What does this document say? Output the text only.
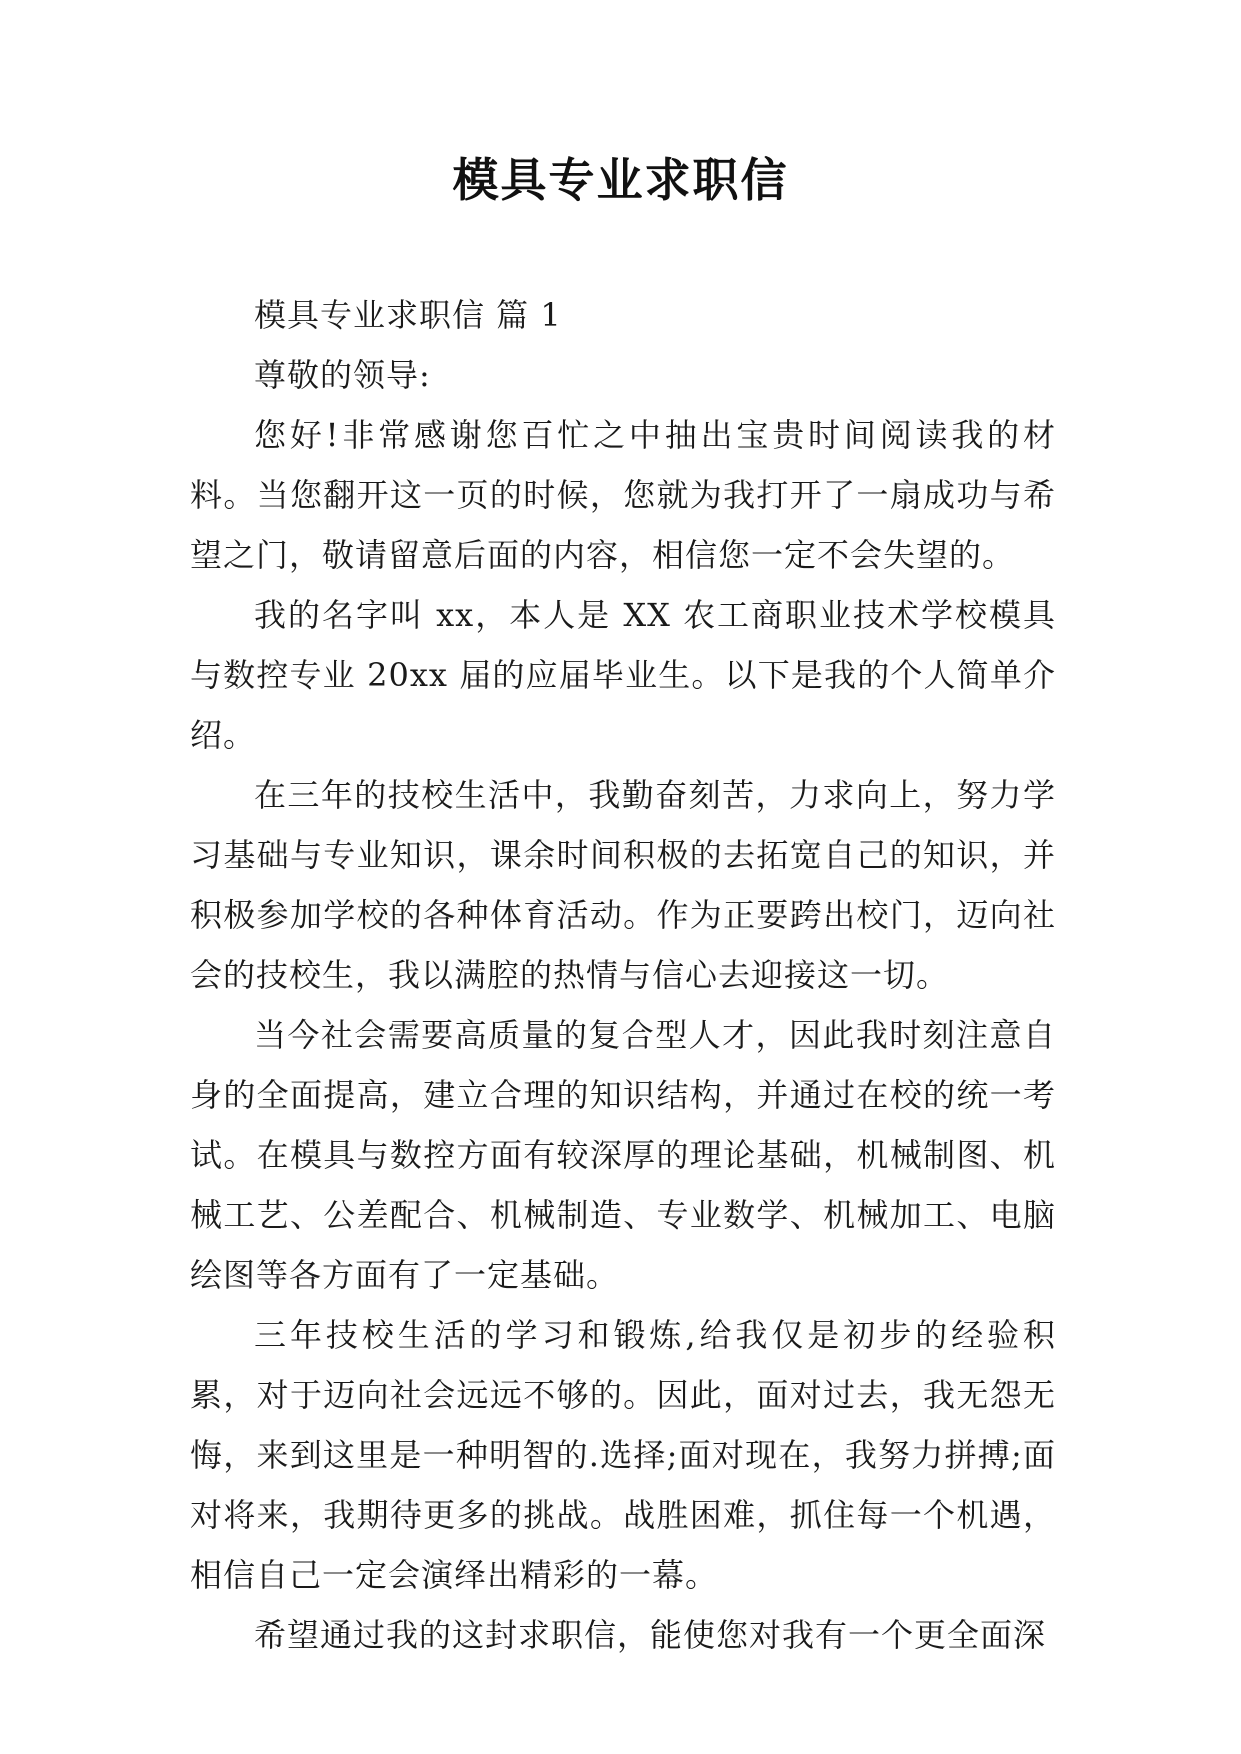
模具专业求职信

模具专业求职信 篇 1

尊敬的领导:

您好!非常感谢您百忙之中抽出宝贵时间阅读我的材料。当您翻开这一页的时候，您就为我打开了一扇成功与希望之门，敬请留意后面的内容，相信您一定不会失望的。

我的名字叫 xx，本人是 XX 农工商职业技术学校模具与数控专业 20xx 届的应届毕业生。以下是我的个人简单介绍。

在三年的技校生活中，我勤奋刻苦，力求向上，努力学习基础与专业知识，课余时间积极的去拓宽自己的知识，并积极参加学校的各种体育活动。作为正要跨出校门，迈向社会的技校生，我以满腔的热情与信心去迎接这一切。

当今社会需要高质量的复合型人才，因此我时刻注意自身的全面提高，建立合理的知识结构，并通过在校的统一考试。在模具与数控方面有较深厚的理论基础，机械制图、机械工艺、公差配合、机械制造、专业数学、机械加工、电脑绘图等各方面有了一定基础。

三年技校生活的学习和锻炼,给我仅是初步的经验积累，对于迈向社会远远不够的。因此，面对过去，我无怨无悔，来到这里是一种明智的.选择;面对现在，我努力拼搏;面对将来，我期待更多的挑战。战胜困难，抓住每一个机遇，相信自己一定会演绎出精彩的一幕。

希望通过我的这封求职信，能使您对我有一个更全面深
